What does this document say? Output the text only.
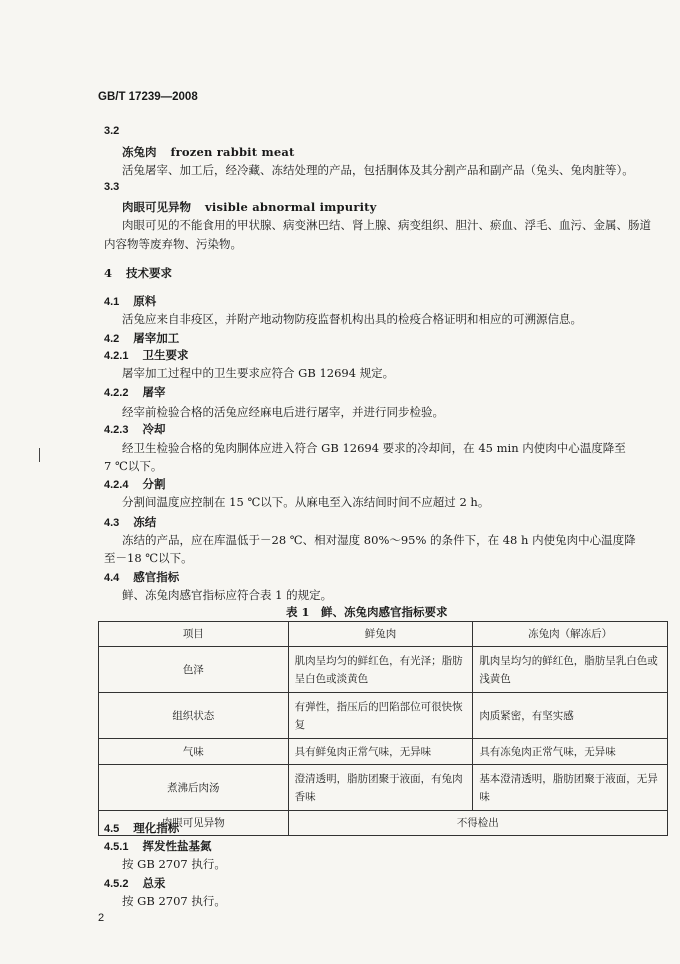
GB/T 17239—2008
3.2
冻兔肉 frozen rabbit meat
活兔屠宰、加工后，经冷藏、冻结处理的产品，包括胴体及其分割产品和副产品（兔头、兔肉脏等）。
3.3
肉眼可见异物 visible abnormal impurity
肉眼可见的不能食用的甲状腺、病变淋巴结、肾上腺、病变组织、胆汁、瘀血、浮毛、血污、金属、肠道
内容物等废弃物、污染物。
4 技术要求
4.1 原料
活兔应来自非疫区，并附产地动物防疫监督机构出具的检疫合格证明和相应的可溯源信息。
4.2 屠宰加工
4.2.1 卫生要求
屠宰加工过程中的卫生要求应符合 GB 12694 规定。
4.2.2 屠宰
经宰前检验合格的活兔应经麻电后进行屠宰，并进行同步检验。
4.2.3 冷却
经卫生检验合格的兔肉胴体应进入符合 GB 12694 要求的冷却间，在 45 min 内使肉中心温度降至
7 ℃以下。
4.2.4 分割
分割间温度应控制在 15 ℃以下。从麻电至入冻结间时间不应超过 2 h。
4.3 冻结
冻结的产品，应在库温低于－28 ℃、相对湿度 80%～95% 的条件下，在 48 h 内使兔肉中心温度降
至－18 ℃以下。
4.4 感官指标
鲜、冻兔肉感官指标应符合表 1 的规定。
表 1　鲜、冻兔肉感官指标要求
项目	鲜兔肉	冻兔肉（解冻后）
色泽	肌肉呈均匀的鲜红色，有光泽；脂肪呈白色或淡黄色	肌肉呈均匀的鲜红色，脂肪呈乳白色或浅黄色
组织状态	有弹性，指压后的凹陷部位可很快恢复	肉质紧密，有坚实感
气味	具有鲜兔肉正常气味，无异味	具有冻兔肉正常气味，无异味
煮沸后肉汤	澄清透明，脂肪团聚于液面，有兔肉香味	基本澄清透明，脂肪团聚于液面，无异味
肉眼可见异物	不得检出	
4.5 理化指标
4.5.1 挥发性盐基氮
按 GB 2707 执行。
4.5.2 总汞
按 GB 2707 执行。
2
